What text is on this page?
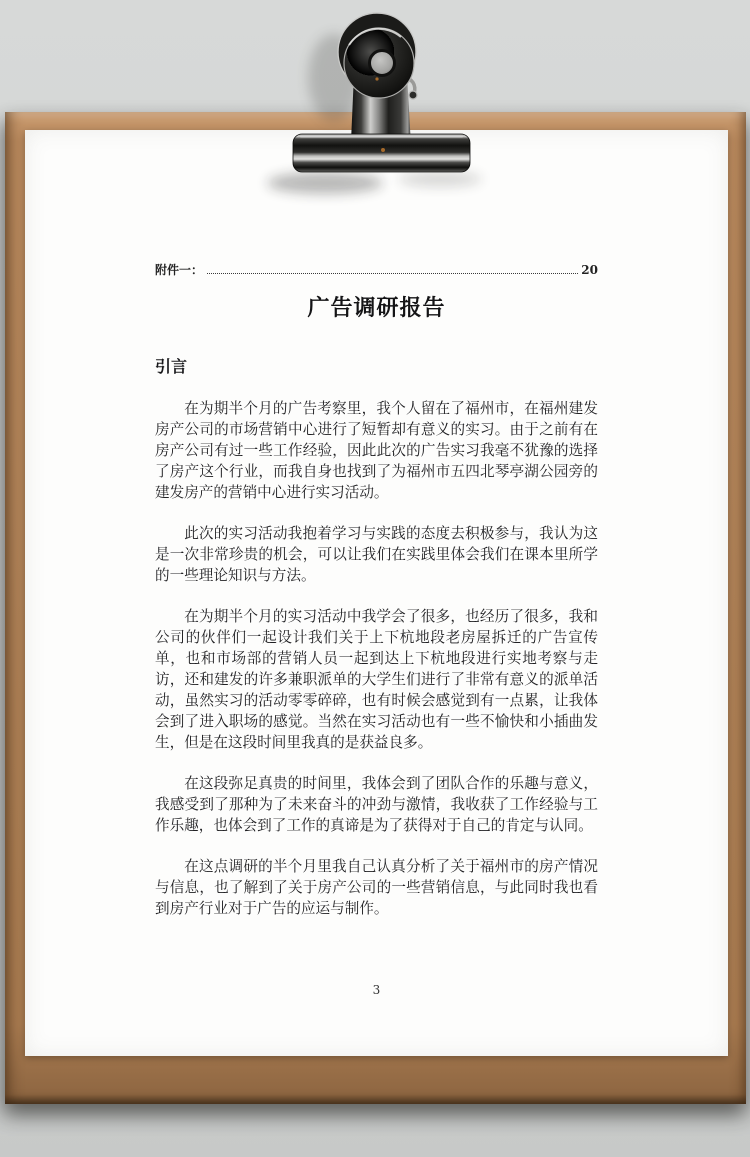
附件一：	20
广告调研报告
引言

在为期半个月的广告考察里，我个人留在了福州市，在福州建发房产公司的市场营销中心进行了短暂却有意义的实习。由于之前有在房产公司有过一些工作经验，因此此次的广告实习我毫不犹豫的选择了房产这个行业，而我自身也找到了为福州市五四北琴亭湖公园旁的建发房产的营销中心进行实习活动。

此次的实习活动我抱着学习与实践的态度去积极参与，我认为这是一次非常珍贵的机会，可以让我们在实践里体会我们在课本里所学的一些理论知识与方法。

在为期半个月的实习活动中我学会了很多，也经历了很多，我和公司的伙伴们一起设计我们关于上下杭地段老房屋拆迁的广告宣传单，也和市场部的营销人员一起到达上下杭地段进行实地考察与走访，还和建发的许多兼职派单的大学生们进行了非常有意义的派单活动，虽然实习的活动零零碎碎，也有时候会感觉到有一点累，让我体会到了进入职场的感觉。当然在实习活动也有一些不愉快和小插曲发生，但是在这段时间里我真的是获益良多。

在这段弥足真贵的时间里，我体会到了团队合作的乐趣与意义，我感受到了那种为了未来奋斗的冲劲与激情，我收获了工作经验与工作乐趣，也体会到了工作的真谛是为了获得对于自己的肯定与认同。

在这点调研的半个月里我自己认真分析了关于福州市的房产情况与信息，也了解到了关于房产公司的一些营销信息，与此同时我也看到房产行业对于广告的应运与制作。

3
